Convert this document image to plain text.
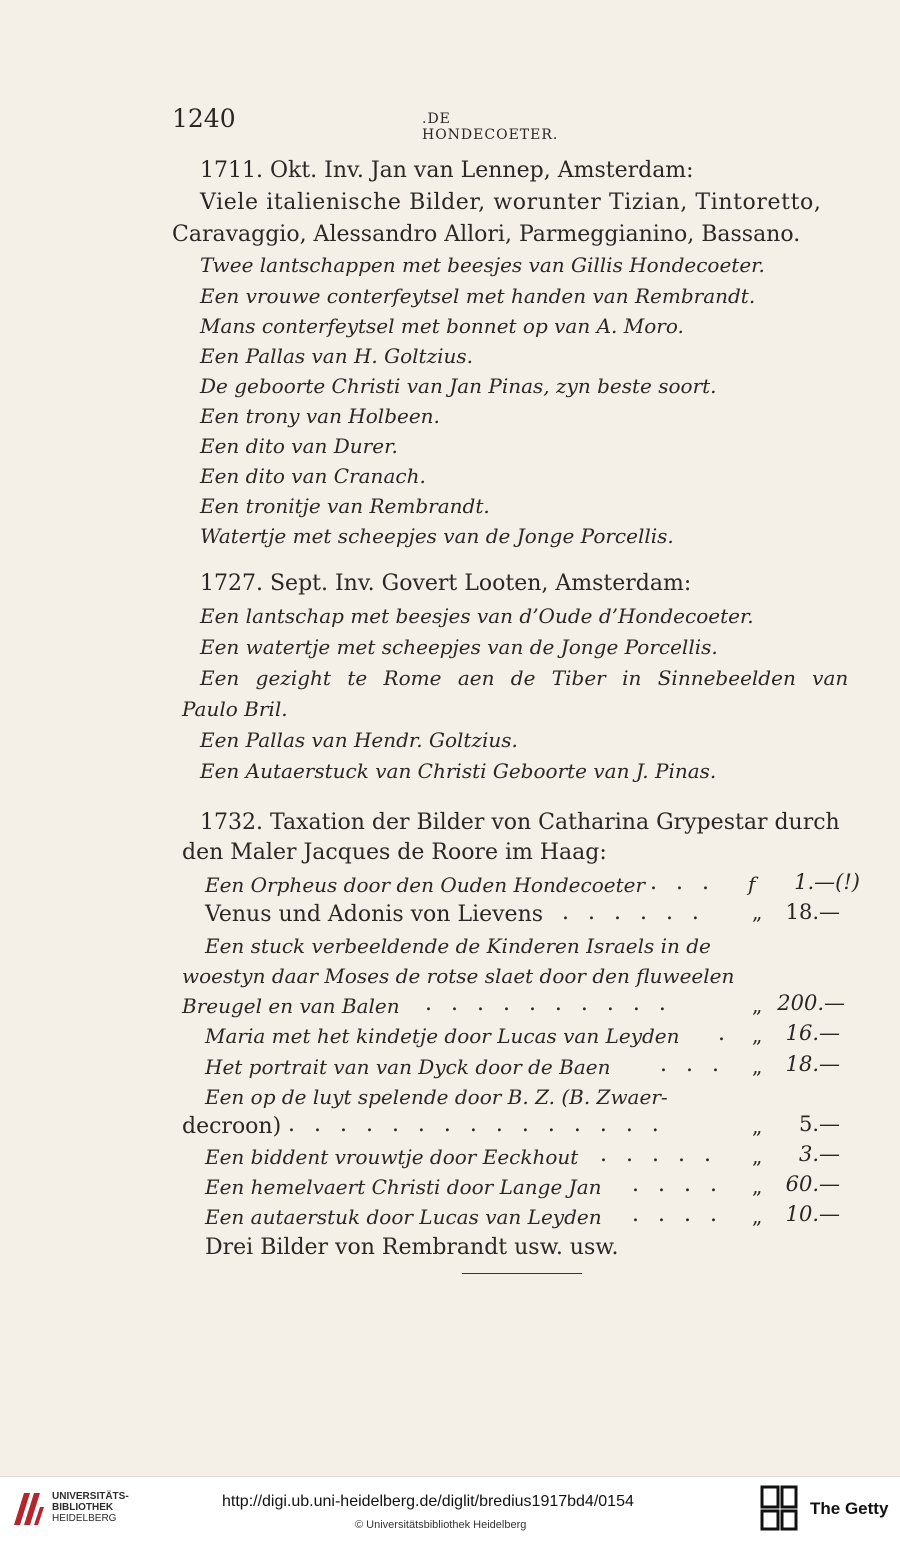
1240	.DE HONDECOETER.
1711. Okt. Inv. Jan van Lennep, Amsterdam:
Viele italienische Bilder, worunter Tizian, Tintoretto,
Caravaggio, Alessandro Allori, Parmeggianino, Bassano.
Twee lantschappen met beesjes van Gillis Hondecoeter.
Een vrouwe conterfeytsel met handen van Rembrandt.
Mans conterfeytsel met bonnet op van A. Moro.
Een Pallas van H. Goltzius.
De geboorte Christi van Jan Pinas, zyn beste soort.
Een trony van Holbeen.
Een dito van Durer.
Een dito van Cranach.
Een tronitje van Rembrandt.
Watertje met scheepjes van de Jonge Porcellis.
1727. Sept. Inv. Govert Looten, Amsterdam:
Een lantschap met beesjes van d’Oude d’Hondecoeter.
Een watertje met scheepjes van de Jonge Porcellis.
Een gezight te Rome aen de Tiber in Sinnebeelden van
Paulo Bril.
Een Pallas van Hendr. Goltzius.
Een Autaerstuck van Christi Geboorte van J. Pinas.
1732. Taxation der Bilder von Catharina Grypestar durch
den Maler Jacques de Roore im Haag:
Een Orpheus door den Ouden Hondecoeter . . . f 1.—(!)
Venus und Adonis von Lievens . . . . . . „	18.—
Een stuck verbeeldende de Kinderen Israels in de
woestyn daar Moses de rotse slaet door den fluweelen
Breugel en van Balen . . . . . . . . . .	„ 200.—
Maria met het kindetje door Lucas van Leyden . „	16.—
Het portrait van van Dyck door de Baen . . . „	18.—
Een op de luyt spelende door B. Z. (B. Zwaer-
decroon) . . . . . . . . . . . . . . .	„	5.—
Een biddent vrouwtje door Eeckhout . . . . . „	3.—
Een hemelvaert Christi door Lange Jan . . . . „	60.—
Een autaerstuk door Lucas van Leyden . . . . „	10.—
Drei Bilder von Rembrandt usw. usw.
UNIVERSITÄTS-
BIBLIOTHEK
HEIDELBERG
http://digi.ub.uni-heidelberg.de/diglit/bredius1917bd4/0154
© Universitätsbibliothek Heidelberg
The Getty
